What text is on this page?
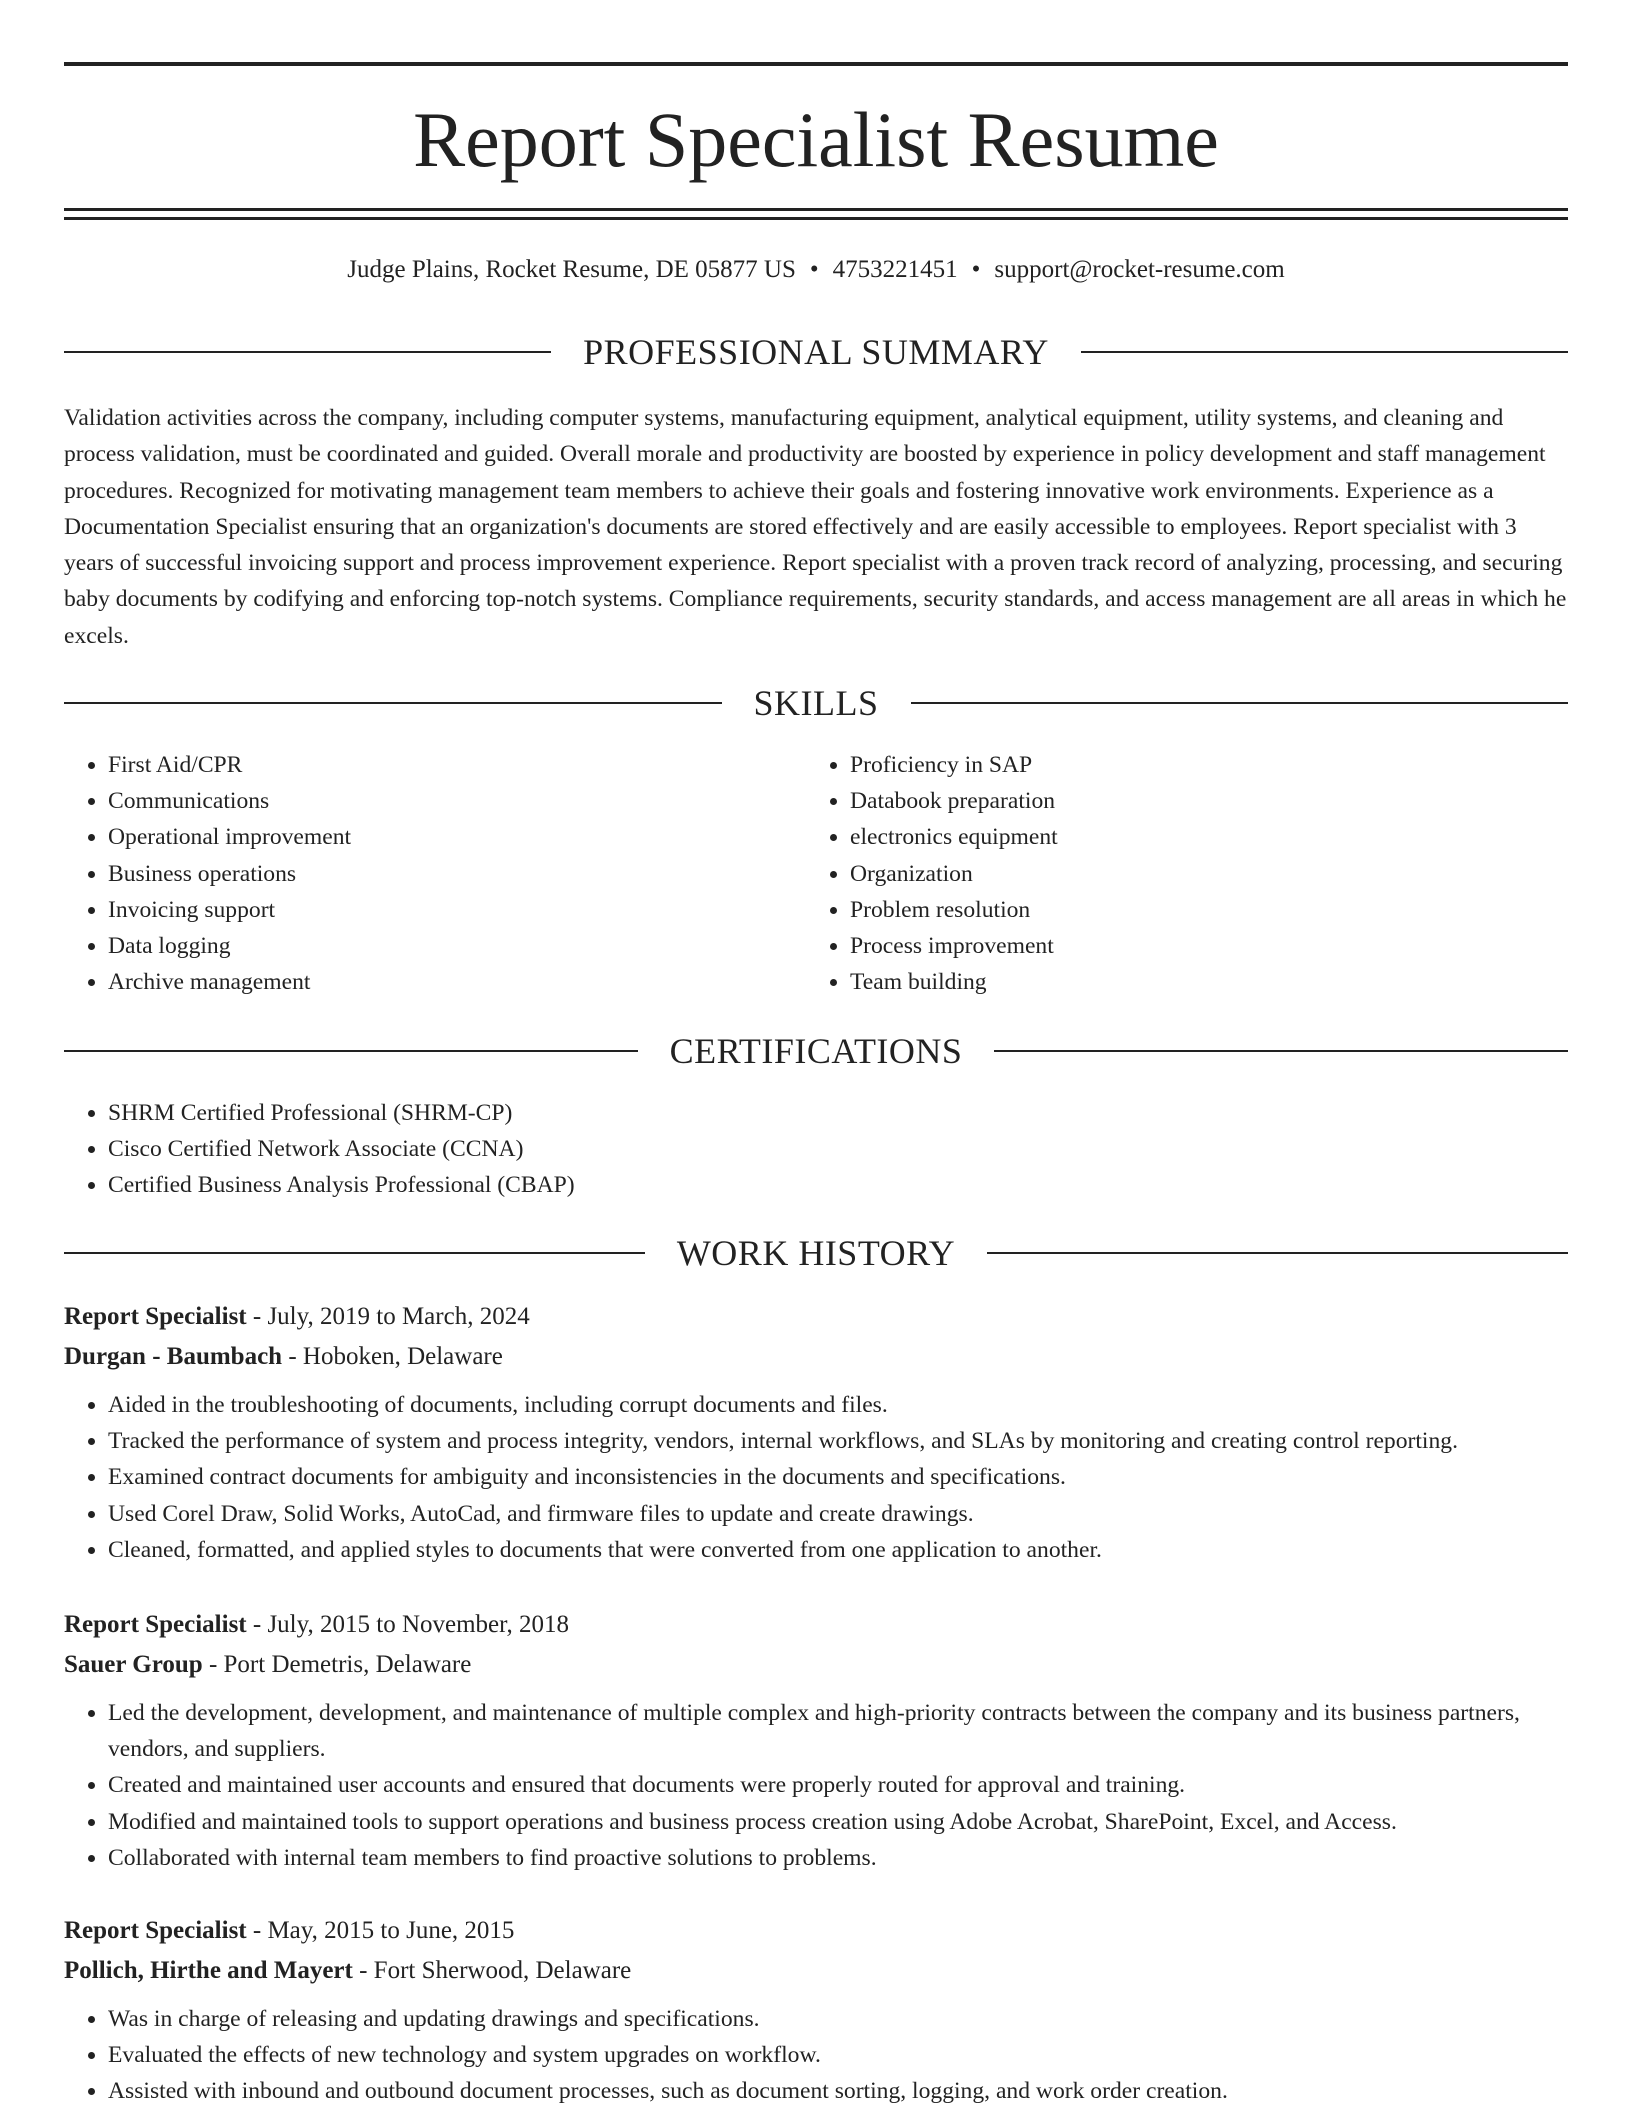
Report Specialist Resume
Judge Plains, Rocket Resume, DE 05877 US • 4753221451 • support@rocket-resume.com
PROFESSIONAL SUMMARY

Validation activities across the company, including computer systems, manufacturing equipment, analytical equipment, utility systems, and cleaning and process validation, must be coordinated and guided. Overall morale and productivity are boosted by experience in policy development and staff management procedures. Recognized for motivating management team members to achieve their goals and fostering innovative work environments. Experience as a Documentation Specialist ensuring that an organization's documents are stored effectively and are easily accessible to employees. Report specialist with 3 years of successful invoicing support and process improvement experience. Report specialist with a proven track record of analyzing, processing, and securing baby documents by codifying and enforcing top-notch systems. Compliance requirements, security standards, and access management are all areas in which he excels.

SKILLS
• First Aid/CPR
• Communications
• Operational improvement
• Business operations
• Invoicing support
• Data logging
• Archive management
• Proficiency in SAP
• Databook preparation
• electronics equipment
• Organization
• Problem resolution
• Process improvement
• Team building
CERTIFICATIONS
• SHRM Certified Professional (SHRM-CP)
• Cisco Certified Network Associate (CCNA)
• Certified Business Analysis Professional (CBAP)
WORK HISTORY
Report Specialist - July, 2019 to March, 2024
Durgan - Baumbach - Hoboken, Delaware
• Aided in the troubleshooting of documents, including corrupt documents and files.
• Tracked the performance of system and process integrity, vendors, internal workflows, and SLAs by monitoring and creating control reporting.
• Examined contract documents for ambiguity and inconsistencies in the documents and specifications.
• Used Corel Draw, Solid Works, AutoCad, and firmware files to update and create drawings.
• Cleaned, formatted, and applied styles to documents that were converted from one application to another.
Report Specialist - July, 2015 to November, 2018
Sauer Group - Port Demetris, Delaware
• Led the development, development, and maintenance of multiple complex and high-priority contracts between the company and its business partners, vendors, and suppliers.
• Created and maintained user accounts and ensured that documents were properly routed for approval and training.
• Modified and maintained tools to support operations and business process creation using Adobe Acrobat, SharePoint, Excel, and Access.
• Collaborated with internal team members to find proactive solutions to problems.
Report Specialist - May, 2015 to June, 2015
Pollich, Hirthe and Mayert - Fort Sherwood, Delaware
• Was in charge of releasing and updating drawings and specifications.
• Evaluated the effects of new technology and system upgrades on workflow.
• Assisted with inbound and outbound document processes, such as document sorting, logging, and work order creation.
